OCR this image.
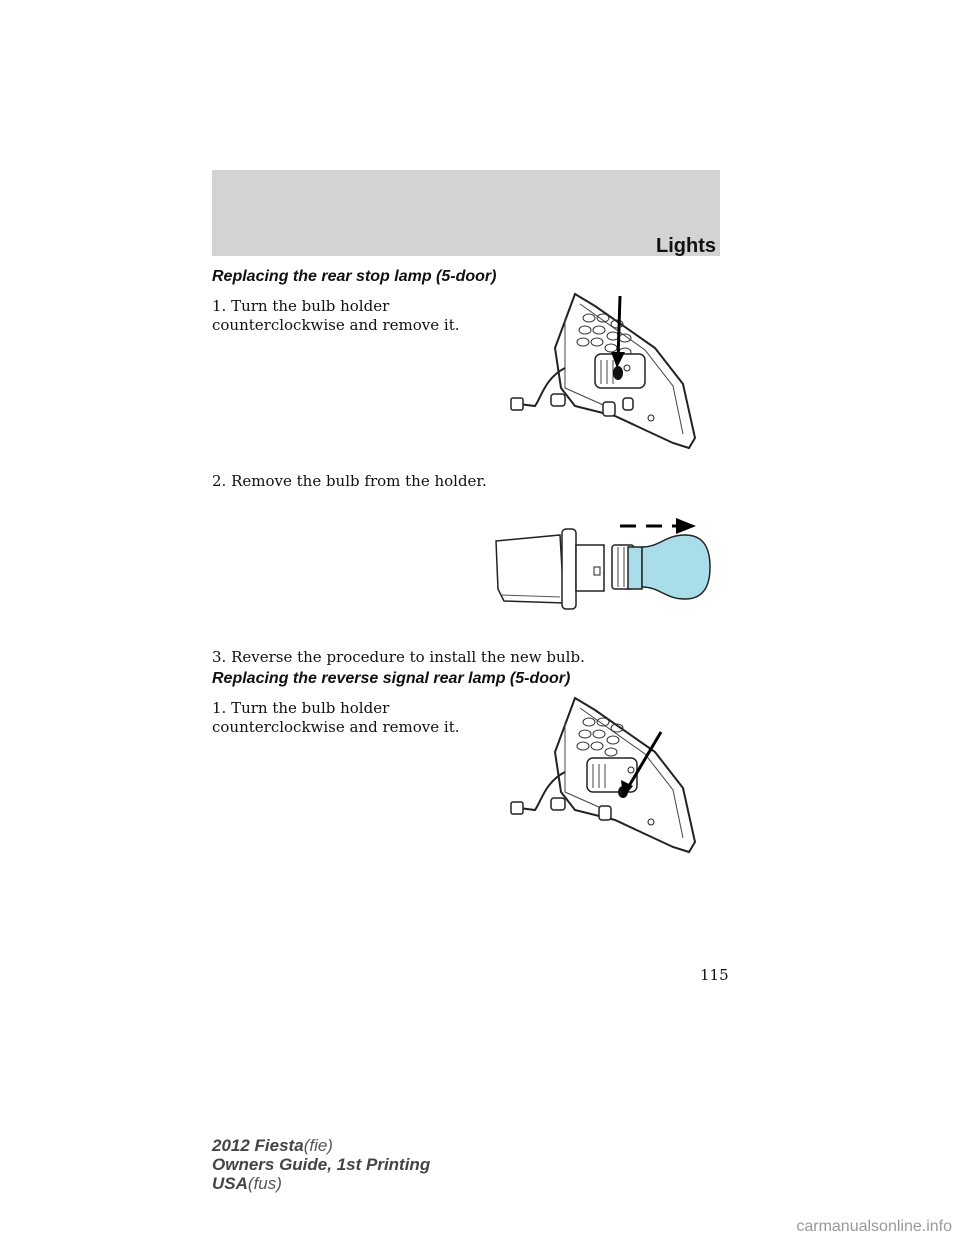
Lights

Replacing the rear stop lamp (5-door)

1. Turn the bulb holder

counterclockwise and remove it.

2. Remove the bulb from the holder.

3. Reverse the procedure to install the new bulb.

Replacing the reverse signal rear lamp (5-door)

1. Turn the bulb holder

counterclockwise and remove it.

115
2012 Fiesta(fie)
Owners Guide, 1st Printing
USA(fus)
carmanualsonline.info
